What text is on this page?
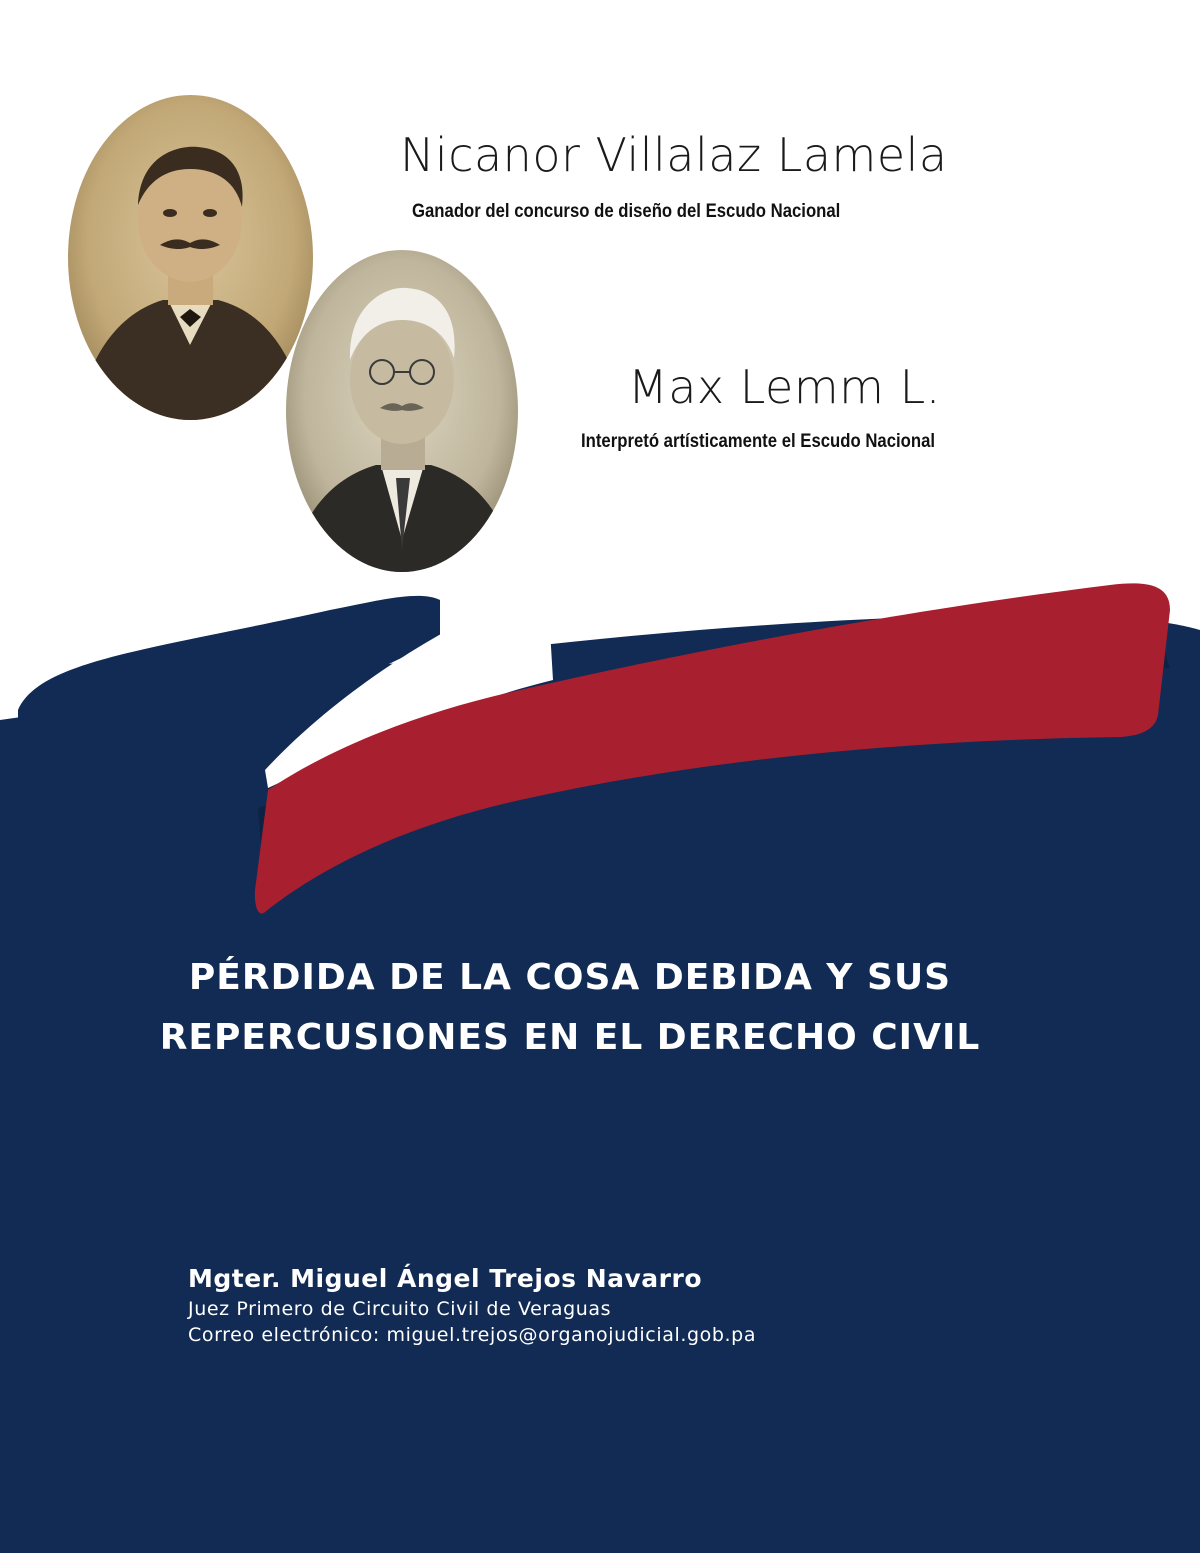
Nicanor Villalaz Lamela
Ganador del concurso de diseño del Escudo Nacional
Max Lemm L.
Interpretó artísticamente el Escudo Nacional
PÉRDIDA DE LA COSA DEBIDA Y SUS
REPERCUSIONES EN EL DERECHO CIVIL
Mgter. Miguel Ángel Trejos Navarro
Juez Primero de Circuito Civil de Veraguas
Correo electrónico: miguel.trejos@organojudicial.gob.pa
